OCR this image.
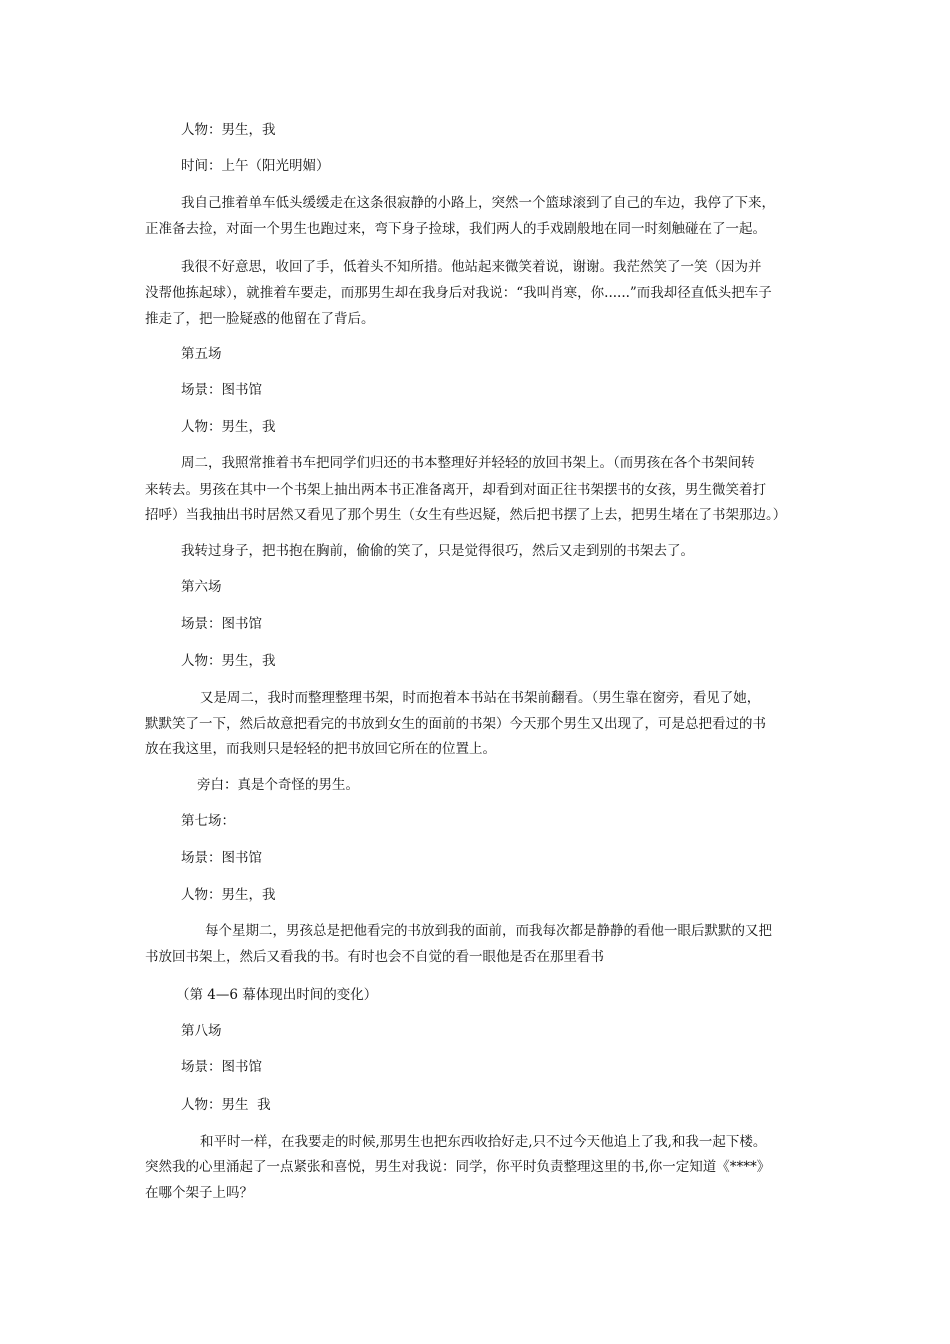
人物：男生，我
时间：上午（阳光明媚）
我自己推着单车低头缓缓走在这条很寂静的小路上，突然一个篮球滚到了自己的车边，我停了下来，
正准备去捡，对面一个男生也跑过来，弯下身子捡球，我们两人的手戏剧般地在同一时刻触碰在了一起。
我很不好意思，收回了手，低着头不知所措。他站起来微笑着说，谢谢。我茫然笑了一笑（因为并
没帮他拣起球），就推着车要走，而那男生却在我身后对我说：“我叫肖寒，你......”而我却径直低头把车子
推走了，把一脸疑惑的他留在了背后。
第五场
场景：图书馆
人物：男生，我
周二，我照常推着书车把同学们归还的书本整理好并轻轻的放回书架上。（而男孩在各个书架间转
来转去。男孩在其中一个书架上抽出两本书正准备离开，却看到对面正往书架摆书的女孩，男生微笑着打
招呼）当我抽出书时居然又看见了那个男生（女生有些迟疑，然后把书摆了上去，把男生堵在了书架那边。）
我转过身子，把书抱在胸前，偷偷的笑了，只是觉得很巧，然后又走到别的书架去了。
第六场
场景：图书馆
人物：男生，我
又是周二，我时而整理整理书架，时而抱着本书站在书架前翻看。（男生靠在窗旁，看见了她，
默默笑了一下，然后故意把看完的书放到女生的面前的书架）今天那个男生又出现了，可是总把看过的书
放在我这里，而我则只是轻轻的把书放回它所在的位置上。
旁白：真是个奇怪的男生。
第七场：
场景：图书馆
人物：男生，我
每个星期二，男孩总是把他看完的书放到我的面前，而我每次都是静静的看他一眼后默默的又把
书放回书架上，然后又看我的书。有时也会不自觉的看一眼他是否在那里看书
（第 4—6 幕体现出时间的变化）
第八场
场景：图书馆
人物：男生  我
和平时一样，在我要走的时候,那男生也把东西收拾好走,只不过今天他追上了我,和我一起下楼。
突然我的心里涌起了一点紧张和喜悦，男生对我说：同学，你平时负责整理这里的书,你一定知道《****》
在哪个架子上吗？
